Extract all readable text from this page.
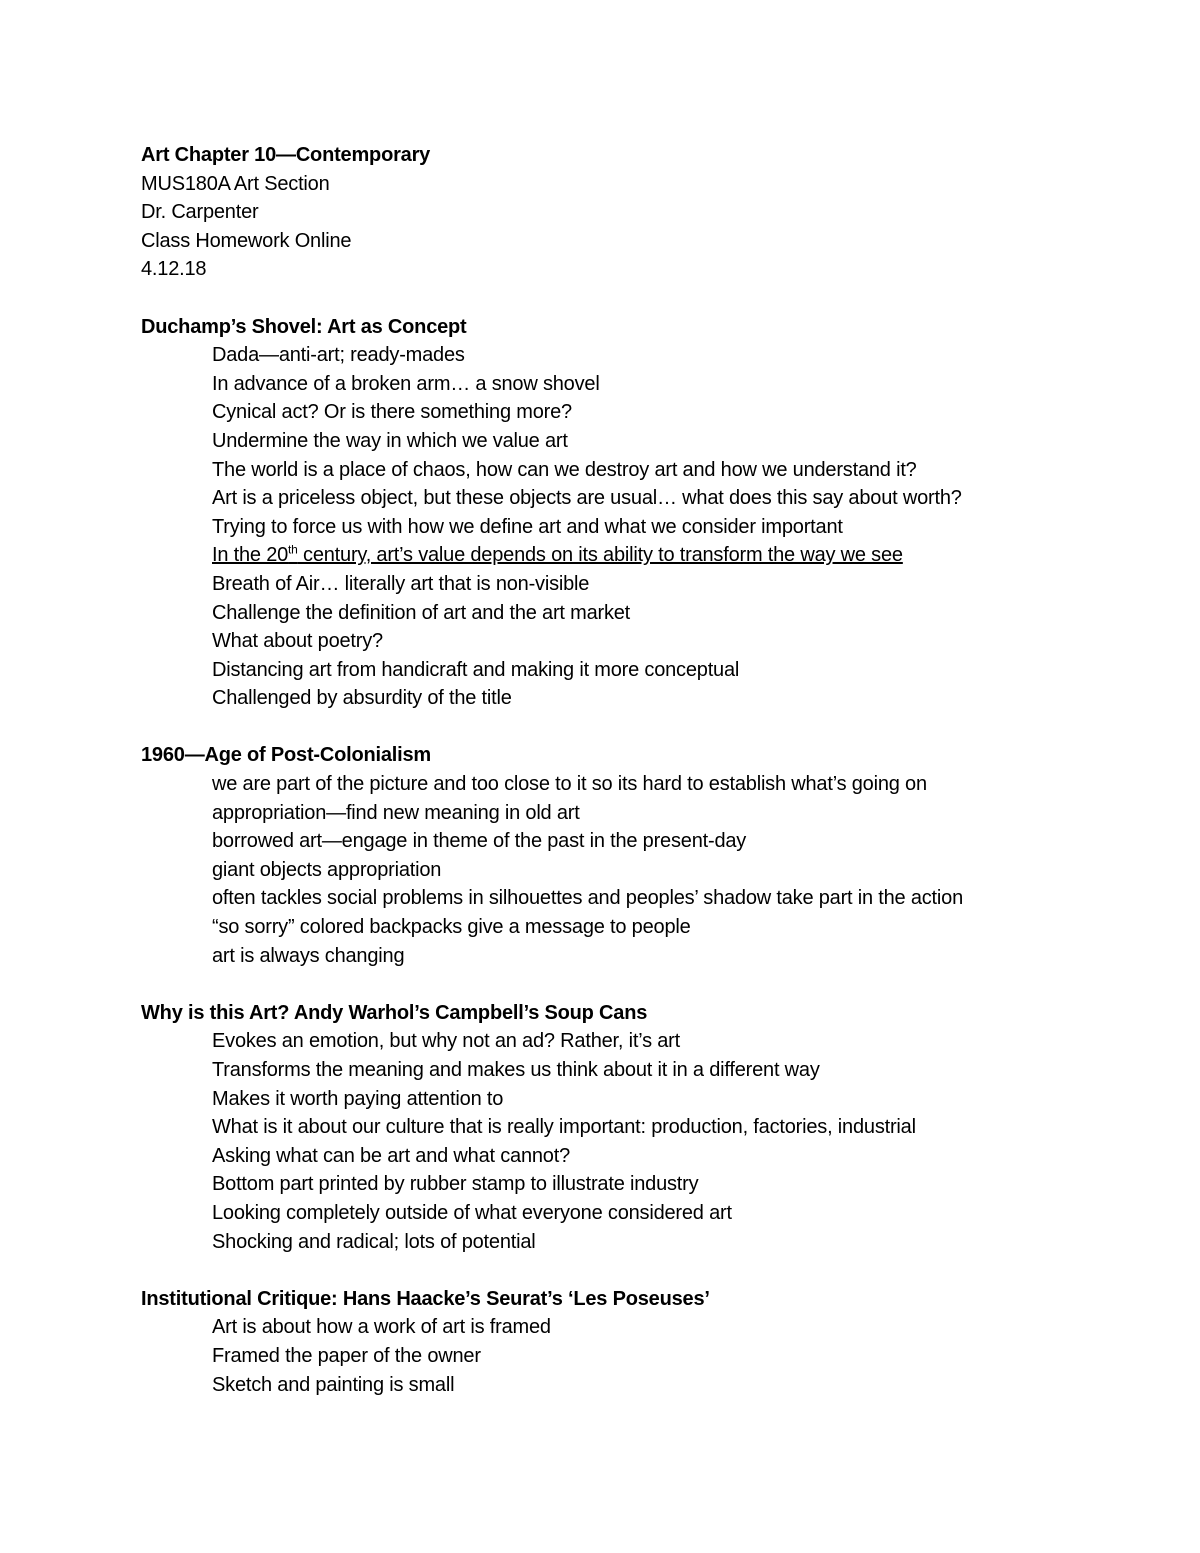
Art Chapter 10—Contemporary
MUS180A Art Section
Dr. Carpenter
Class Homework Online
4.12.18
Duchamp’s Shovel: Art as Concept
Dada—anti-art; ready-mades
In advance of a broken arm… a snow shovel
Cynical act? Or is there something more?
Undermine the way in which we value art
The world is a place of chaos, how can we destroy art and how we understand it?
Art is a priceless object, but these objects are usual… what does this say about worth?
Trying to force us with how we define art and what we consider important
In the 20th century, art’s value depends on its ability to transform the way we see
Breath of Air… literally art that is non-visible
Challenge the definition of art and the art market
What about poetry?
Distancing art from handicraft and making it more conceptual
Challenged by absurdity of the title
1960—Age of Post-Colonialism
we are part of the picture and too close to it so its hard to establish what’s going on
appropriation—find new meaning in old art
borrowed art—engage in theme of the past in the present-day
giant objects appropriation
often tackles social problems in silhouettes and peoples’ shadow take part in the action
“so sorry” colored backpacks give a message to people
art is always changing
Why is this Art? Andy Warhol’s Campbell’s Soup Cans
Evokes an emotion, but why not an ad? Rather, it’s art
Transforms the meaning and makes us think about it in a different way
Makes it worth paying attention to
What is it about our culture that is really important: production, factories, industrial
Asking what can be art and what cannot?
Bottom part printed by rubber stamp to illustrate industry
Looking completely outside of what everyone considered art
Shocking and radical; lots of potential
Institutional Critique: Hans Haacke’s Seurat’s ‘Les Poseuses’
Art is about how a work of art is framed
Framed the paper of the owner
Sketch and painting is small
